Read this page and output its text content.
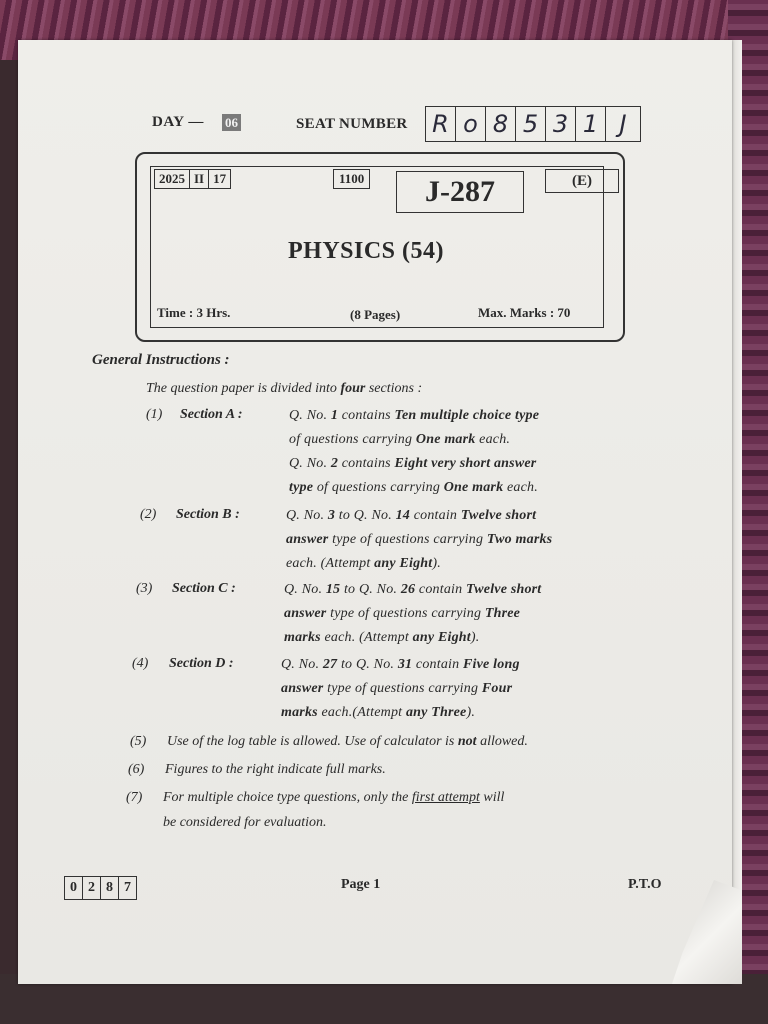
DAY — 06	SEAT NUMBER R o 8 5 3 1 J
2025 II 17	1100	J-287	(E)
PHYSICS (54)
Time : 3 Hrs.	(8 Pages)	Max. Marks : 70
General Instructions :
The question paper is divided into four sections :
(1) Section A :	Q. No. 1 contains Ten multiple choice type
of questions carrying One mark each.
Q. No. 2 contains Eight very short answer
type of questions carrying One mark each.
(2) Section B :	Q. No. 3 to Q. No. 14 contain Twelve short
answer type of questions carrying Two marks
each. (Attempt any Eight).
(3) Section C :	Q. No. 15 to Q. No. 26 contain Twelve short
answer type of questions carrying Three
marks each. (Attempt any Eight).
(4) Section D :	Q. No. 27 to Q. No. 31 contain Five long
answer type of questions carrying Four
marks each.(Attempt any Three).
(5) Use of the log table is allowed. Use of calculator is not allowed.
(6) Figures to the right indicate full marks.
(7) For multiple choice type questions, only the first attempt will
be considered for evaluation.
0 2 8 7	Page 1	P.T.O
